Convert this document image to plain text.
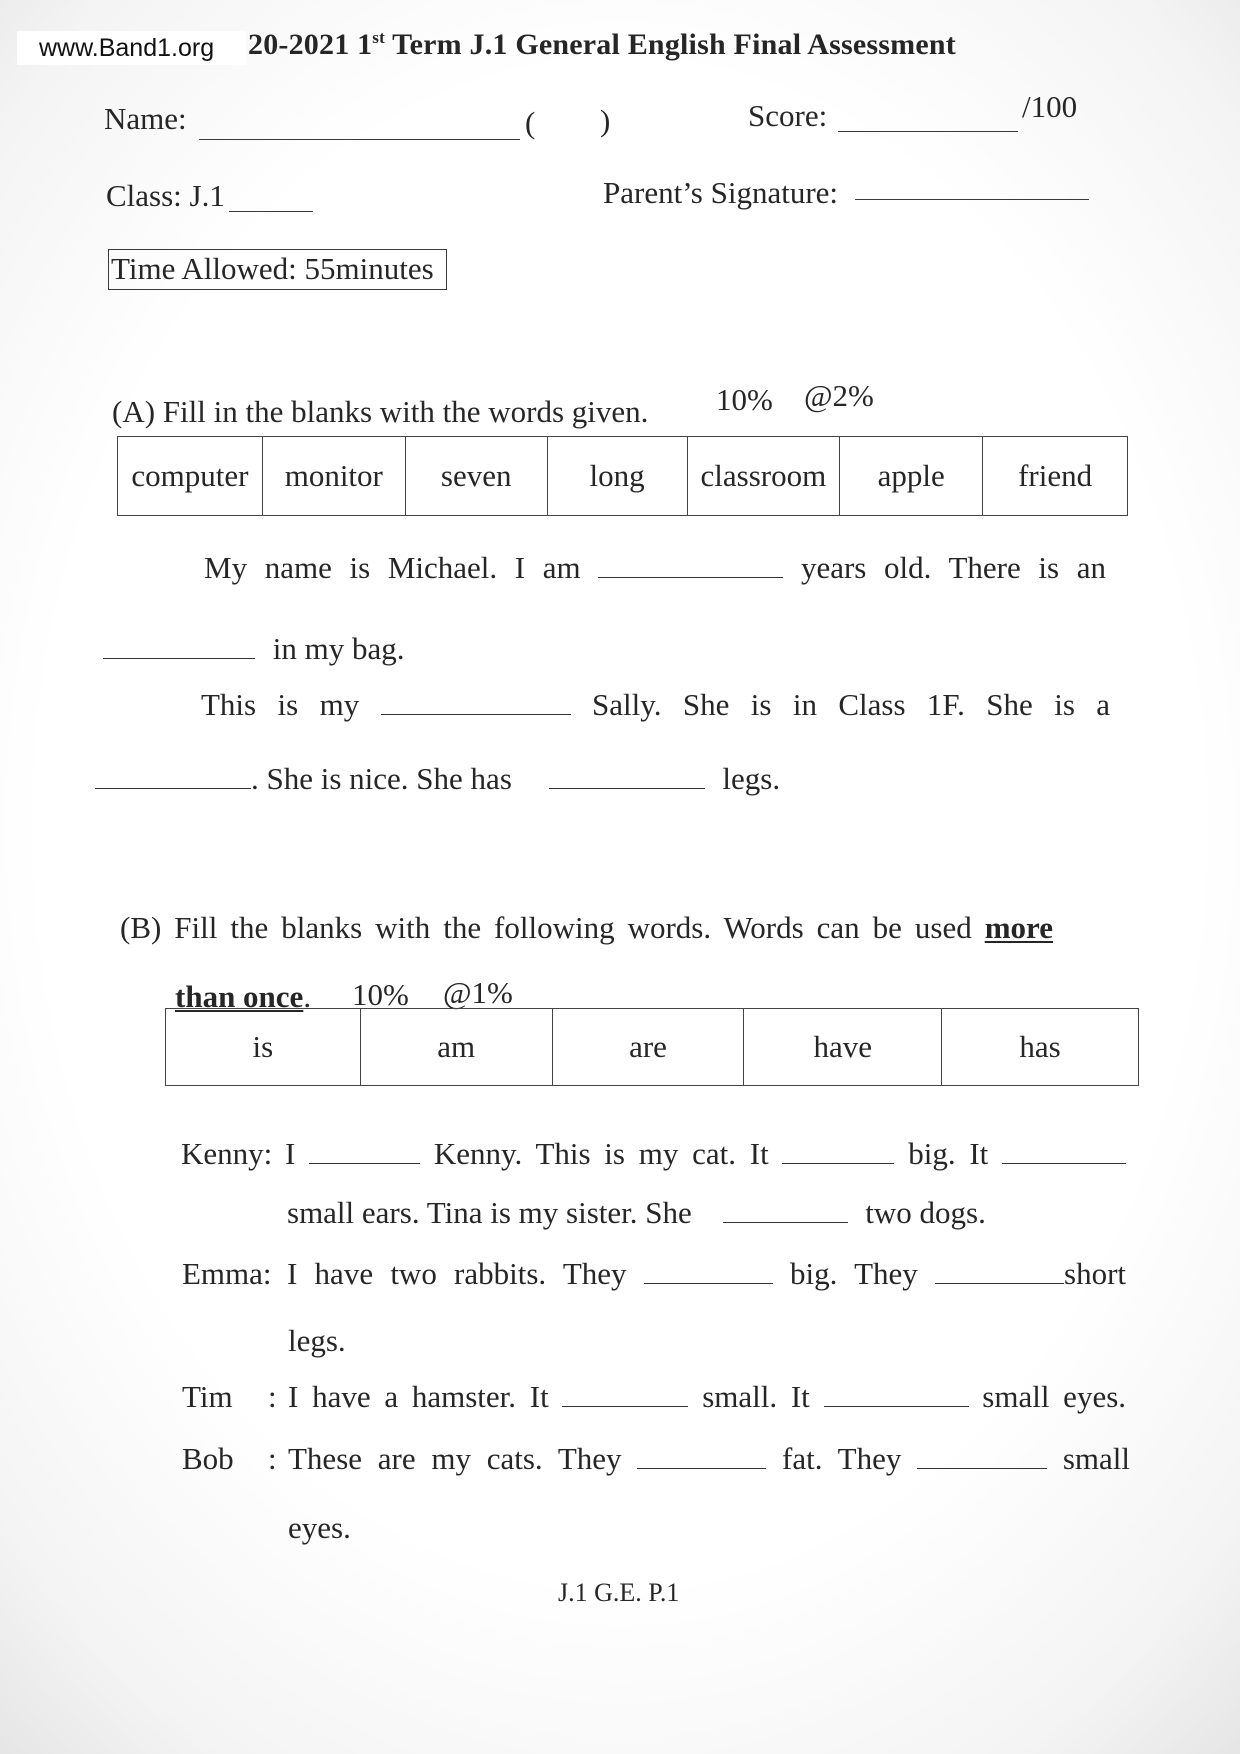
20-2021 1st Term J.1 General English Final Assessment
www.Band1.org
Name:	( )	Score:	/100
Class: J.1	Parent’s Signature:
Time Allowed: 55minutes
(A) Fill in the blanks with the words given. 10% @2%
computer	monitor	seven	long	classroom	apple	friend
My name is Michael. I am	years old. There is an
in my bag.
This is my	Sally. She is in Class 1F. She is a
. She is nice. She has	legs.
(B) Fill the blanks with the following words. Words can be used more
than once. 10% @1%
is	am	are	have	has
Kenny: I	Kenny. This is my cat. It	big. It
small ears. Tina is my sister. She	two dogs.
Emma: I have two rabbits. They	big. They	short
legs.
Tim : I have a hamster. It	small. It	small eyes.
Bob : These are my cats. They	fat. They	small
eyes.
J.1 G.E. P.1
